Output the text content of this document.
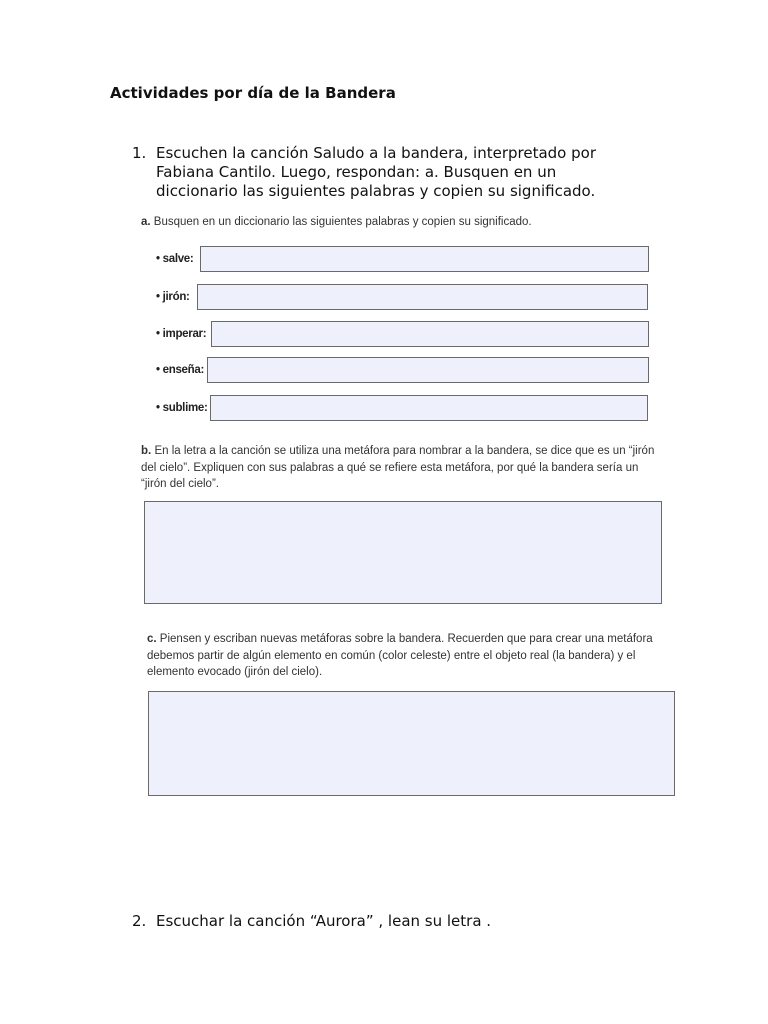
Actividades por día de la Bandera
1. Escuchen la canción Saludo a la bandera, interpretado por Fabiana Cantilo. Luego, respondan: a. Busquen en un diccionario las siguientes palabras y copien su significado.
a. Busquen en un diccionario las siguientes palabras y copien su significado.
• salve:
• jirón:
• imperar:
• enseña:
• sublime:
b. En la letra a la canción se utiliza una metáfora para nombrar a la bandera, se dice que es un “jirón del cielo”. Expliquen con sus palabras a qué se refiere esta metáfora, por qué la bandera sería un “jirón del cielo”.
c. Piensen y escriban nuevas metáforas sobre la bandera. Recuerden que para crear una metáfora debemos partir de algún elemento en común (color celeste) entre el objeto real (la bandera) y el elemento evocado (jirón del cielo).
2. Escuchar la canción “Aurora” , lean su letra .
